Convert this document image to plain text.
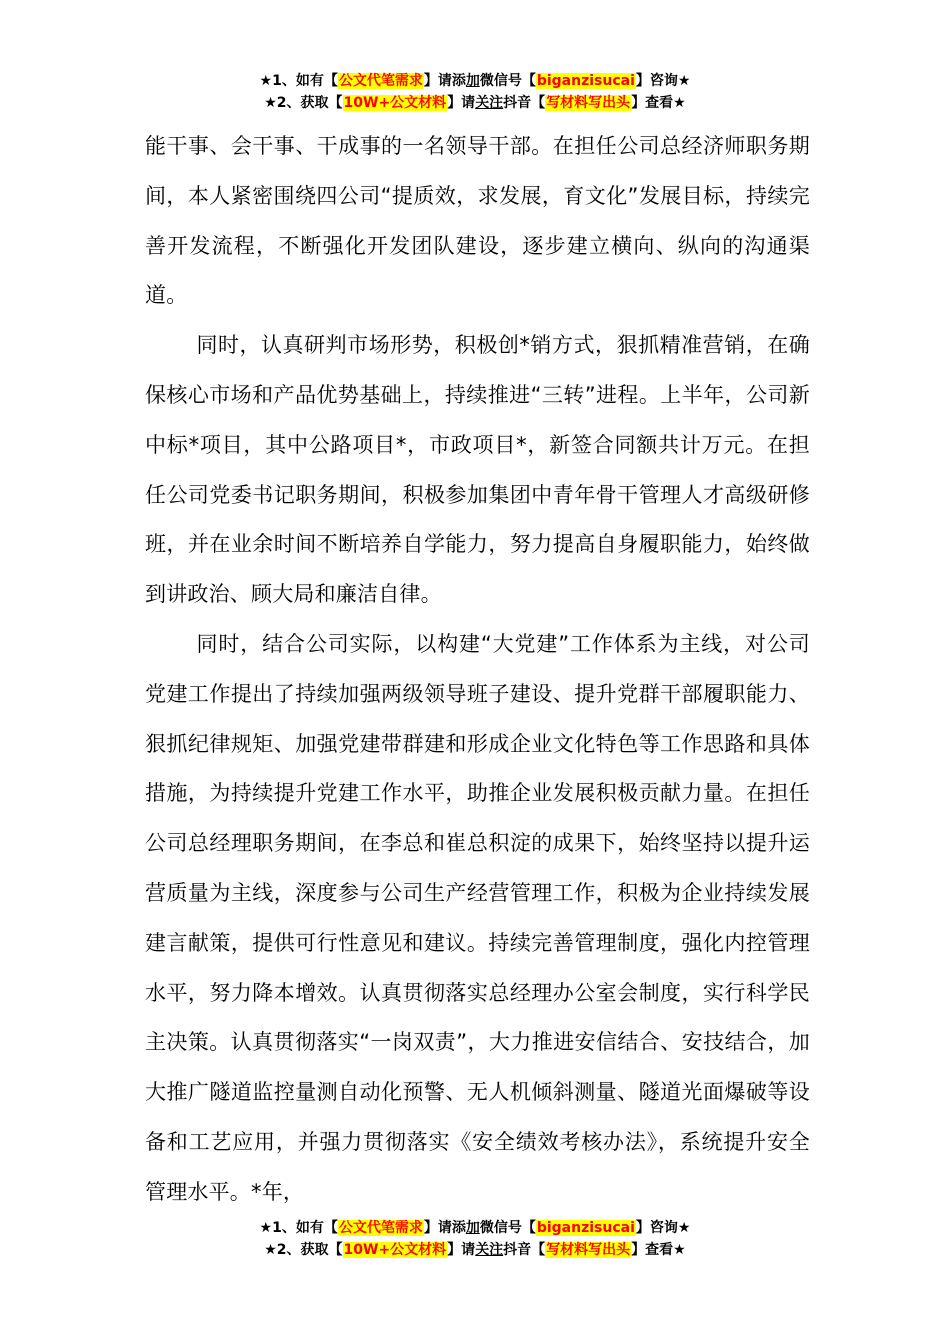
★1、如有【公文代笔需求】请添加微信号【biganzisucai】咨询★
★2、获取【10W+公文材料】请关注抖音【写材料写出头】查看★

能干事、会干事、干成事的一名领导干部。在担任公司总经济师职务期间，本人紧密围绕四公司“提质效，求发展，育文化”发展目标，持续完善开发流程，不断强化开发团队建设，逐步建立横向、纵向的沟通渠道。

同时，认真研判市场形势，积极创*销方式，狠抓精准营销，在确保核心市场和产品优势基础上，持续推进“三转”进程。上半年，公司新中标*项目，其中公路项目*，市政项目*，新签合同额共计万元。在担任公司党委书记职务期间，积极参加集团中青年骨干管理人才高级研修班，并在业余时间不断培养自学能力，努力提高自身履职能力，始终做到讲政治、顾大局和廉洁自律。

同时，结合公司实际，以构建“大党建”工作体系为主线，对公司党建工作提出了持续加强两级领导班子建设、提升党群干部履职能力、狠抓纪律规矩、加强党建带群建和形成企业文化特色等工作思路和具体措施，为持续提升党建工作水平，助推企业发展积极贡献力量。在担任公司总经理职务期间，在李总和崔总积淀的成果下，始终坚持以提升运营质量为主线，深度参与公司生产经营管理工作，积极为企业持续发展建言献策，提供可行性意见和建议。持续完善管理制度，强化内控管理水平，努力降本增效。认真贯彻落实总经理办公室会制度，实行科学民主决策。认真贯彻落实“一岗双责”，大力推进安信结合、安技结合，加大推广隧道监控量测自动化预警、无人机倾斜测量、隧道光面爆破等设备和工艺应用，并强力贯彻落实《安全绩效考核办法》，系统提升安全管理水平。*年，

★1、如有【公文代笔需求】请添加微信号【biganzisucai】咨询★
★2、获取【10W+公文材料】请关注抖音【写材料写出头】查看★
